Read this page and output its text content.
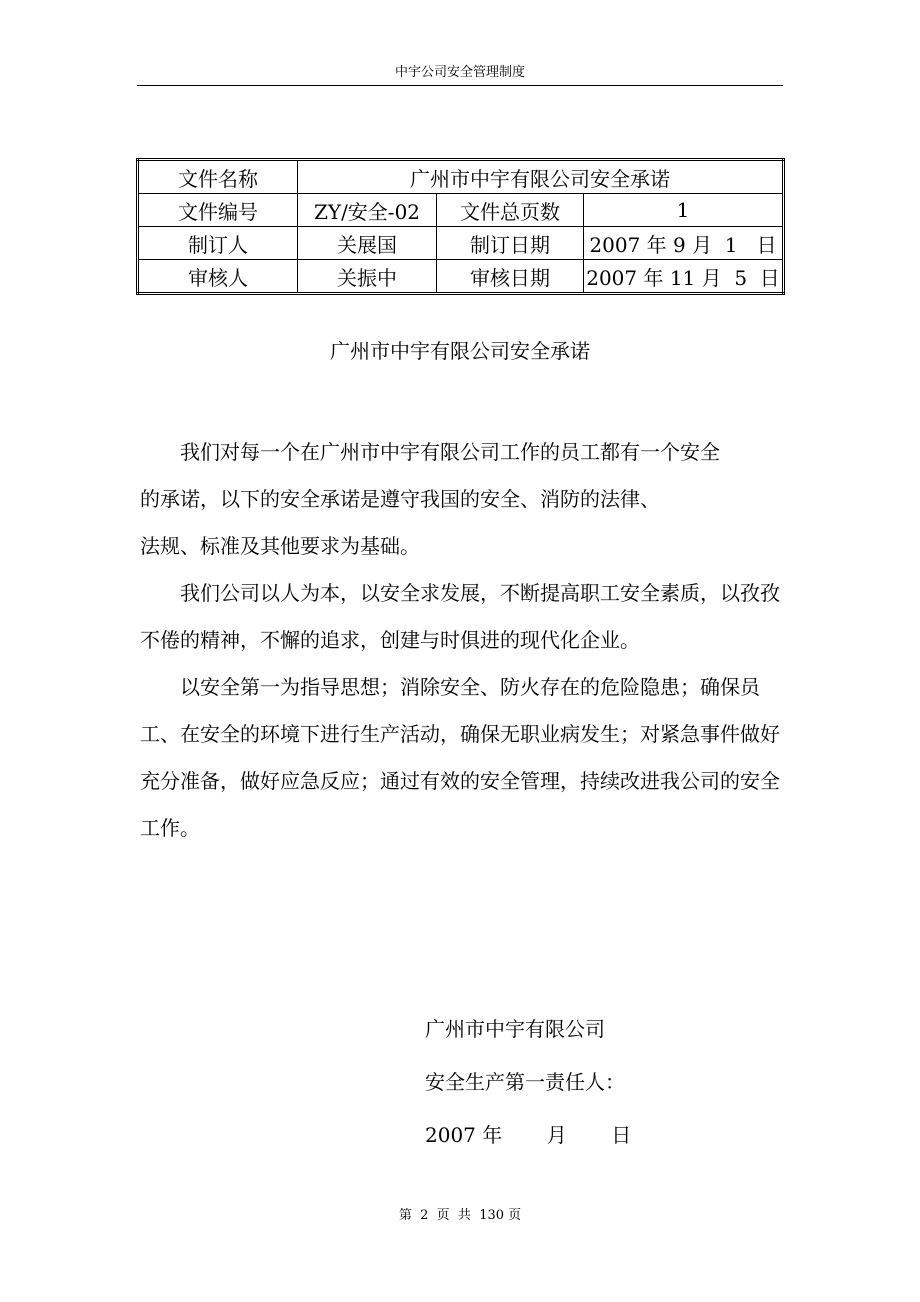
中宇公司安全管理制度
文件名称	广州市中宇有限公司安全承诺		
文件编号	ZY/安全-02	文件总页数	1
制订人	关展国	制订日期	2007 年 9 月  1   日
审核人	关振中	审核日期	2007 年 11 月  5  日
广州市中宇有限公司安全承诺

我们对每一个在广州市中宇有限公司工作的员工都有一个安全

的承诺，以下的安全承诺是遵守我国的安全、消防的法律、

法规、标准及其他要求为基础。

我们公司以人为本，以安全求发展，不断提高职工安全素质，以孜孜不倦的精神，不懈的追求，创建与时俱进的现代化企业。

以安全第一为指导思想；消除安全、防火存在的危险隐患；确保员工、在安全的环境下进行生产活动，确保无职业病发生；对紧急事件做好充分准备，做好应急反应；通过有效的安全管理，持续改进我公司的安全工作。

广州市中宇有限公司
安全生产第一责任人：
2007 年       月       日
第  2  页  共  130 页
